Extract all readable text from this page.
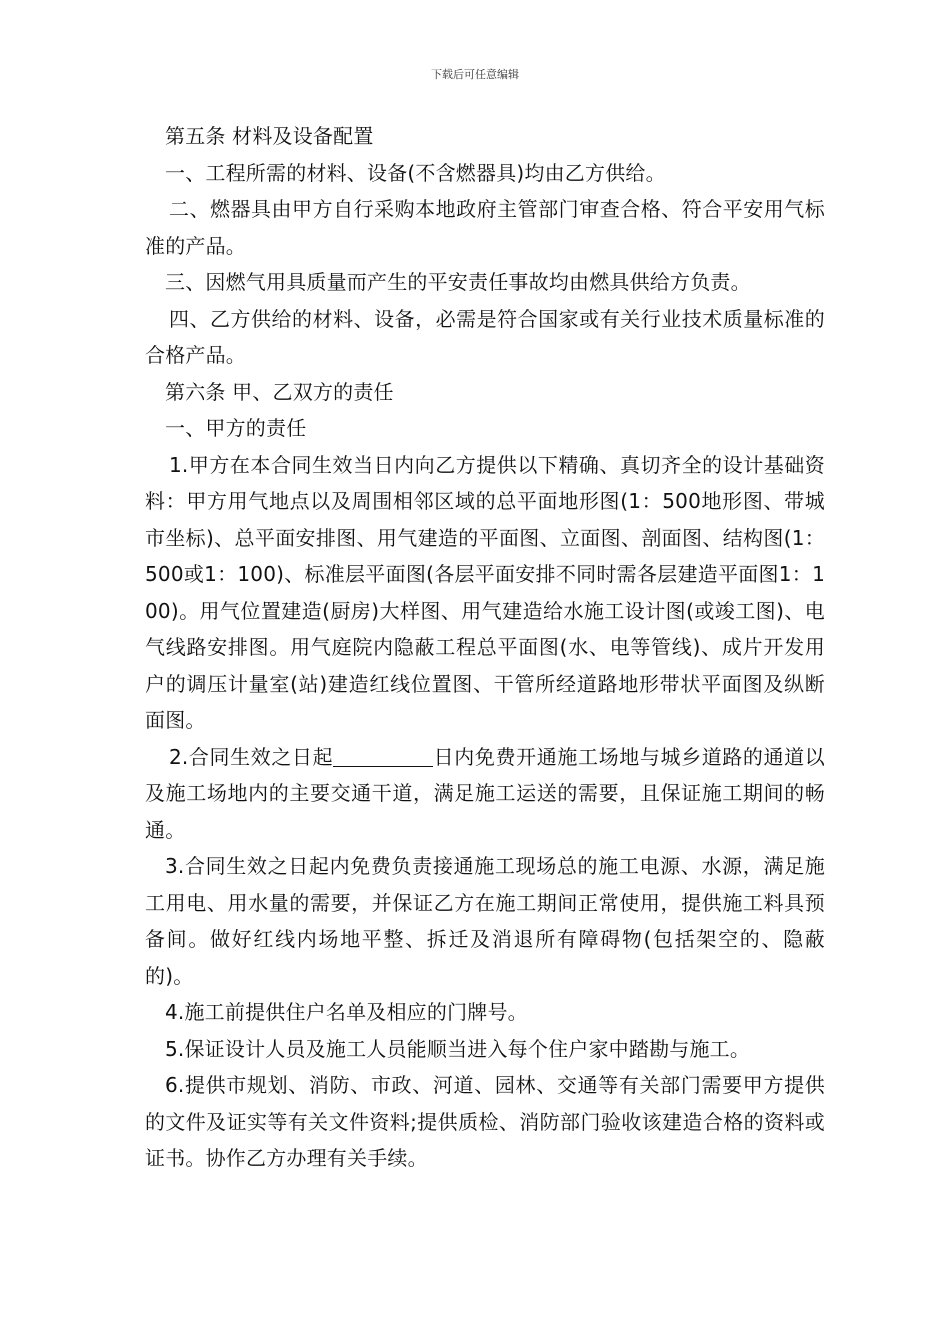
下载后可任意编辑

第五条 材料及设备配置

一、工程所需的材料、设备(不含燃器具)均由乙方供给。

二、燃器具由甲方自行采购本地政府主管部门审查合格、符合平安用气标准的产品。

三、因燃气用具质量而产生的平安责任事故均由燃具供给方负责。

四、乙方供给的材料、设备，必需是符合国家或有关行业技术质量标准的合格产品。

第六条 甲、乙双方的责任

一、甲方的责任

1.甲方在本合同生效当日内向乙方提供以下精确、真切齐全的设计基础资料：甲方用气地点以及周围相邻区域的总平面地形图(1：500地形图、带城市坐标)、总平面安排图、用气建造的平面图、立面图、剖面图、结构图(1：500或1：100)、标准层平面图(各层平面安排不同时需各层建造平面图1：100)。用气位置建造(厨房)大样图、用气建造给水施工设计图(或竣工图)、电气线路安排图。用气庭院内隐蔽工程总平面图(水、电等管线)、成片开发用户的调压计量室(站)建造红线位置图、干管所经道路地形带状平面图及纵断面图。

2.合同生效之日起	日内免费开通施工场地与城乡道路的通道以及施工场地内的主要交通干道，满足施工运送的需要，且保证施工期间的畅通。

3.合同生效之日起内免费负责接通施工现场总的施工电源、水源，满足施工用电、用水量的需要，并保证乙方在施工期间正常使用，提供施工料具预备间。做好红线内场地平整、拆迁及消退所有障碍物(包括架空的、隐蔽的)。

4.施工前提供住户名单及相应的门牌号。

5.保证设计人员及施工人员能顺当进入每个住户家中踏勘与施工。

6.提供市规划、消防、市政、河道、园林、交通等有关部门需要甲方提供的文件及证实等有关文件资料;提供质检、消防部门验收该建造合格的资料或证书。协作乙方办理有关手续。
